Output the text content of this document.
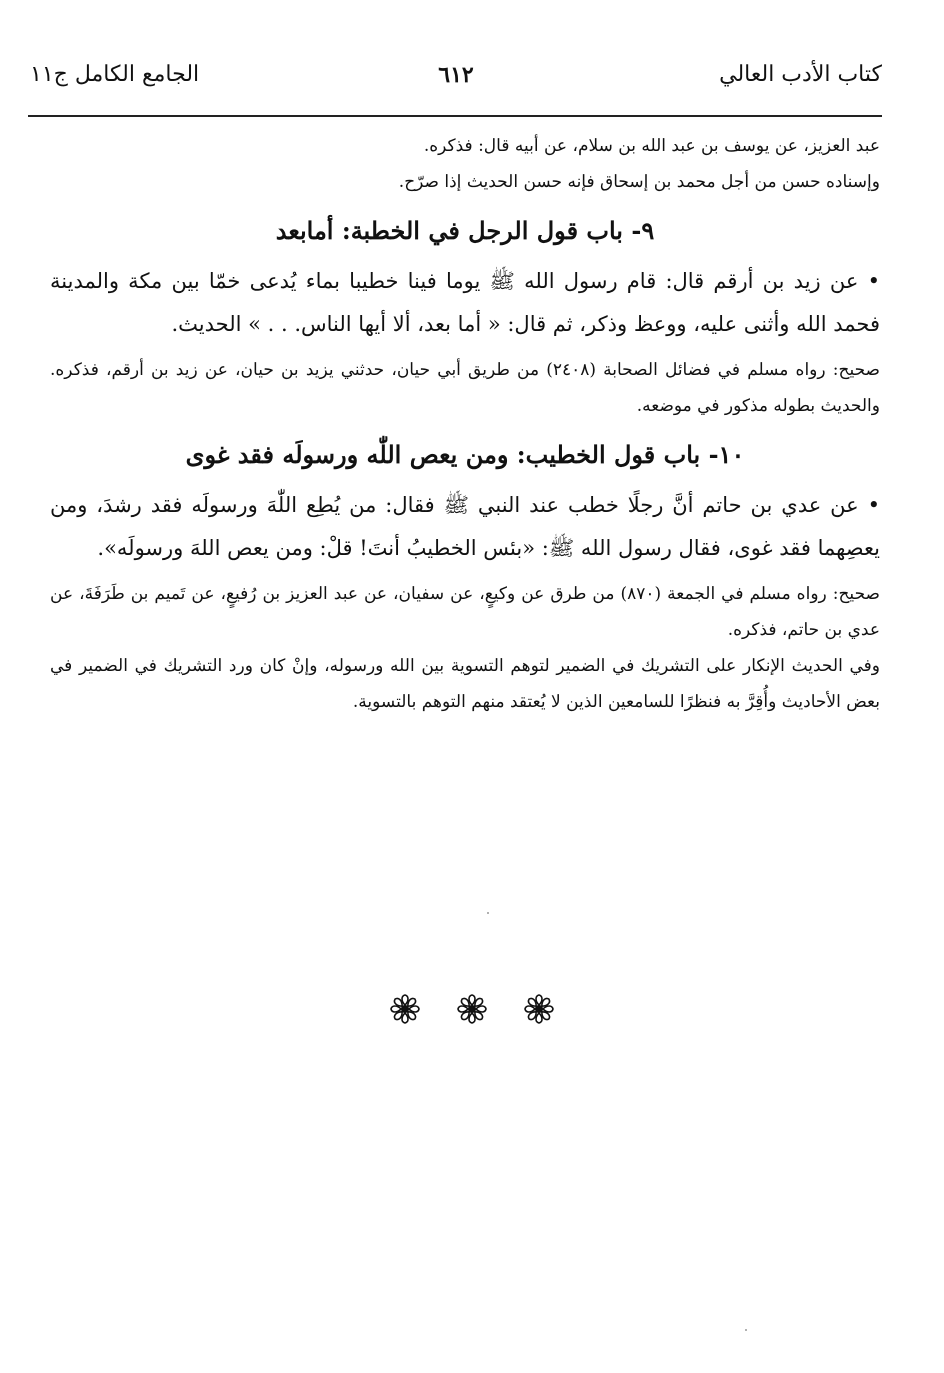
كتاب الأدب العالي
٦١٢
الجامع الكامل ج١١

عبد العزيز، عن يوسف بن عبد الله بن سلام، عن أبيه قال: فذكره.

وإسناده حسن من أجل محمد بن إسحاق فإنه حسن الحديث إذا صرّح.

٩- باب قول الرجل في الخطبة: أمابعد

• عن زيد بن أرقم قال: قام رسول الله ﷺ يوما فينا خطيبا بماء يُدعى خمّا بين مكة والمدينة فحمد الله وأثنى عليه، ووعظ وذكر، ثم قال: « أما بعد، ألا أيها الناس. . . » الحديث.

صحيح: رواه مسلم في فضائل الصحابة (٢٤٠٨) من طريق أبي حيان، حدثني يزيد بن حيان، عن زيد بن أرقم، فذكره. والحديث بطوله مذكور في موضعه.

١٠- باب قول الخطيب: ومن يعص اللّٰه ورسولَه فقد غوى

• عن عدي بن حاتم أنَّ رجلًا خطب عند النبي ﷺ فقال: من يُطِع اللّٰهَ ورسولَه فقد رشدَ، ومن يعصِهما فقد غوى، فقال رسول الله ﷺ: «بئس الخطيبُ أنتَ! قلْ: ومن يعص اللهَ ورسولَه».

صحيح: رواه مسلم في الجمعة (٨٧٠) من طرق عن وكيعٍ، عن سفيان، عن عبد العزيز بن رُفيعٍ، عن تَميم بن طَرَفَةَ، عن عدي بن حاتم، فذكره.

وفي الحديث الإنكار على التشريك في الضمير لتوهم التسوية بين الله ورسوله، وإنْ كان ورد التشريك في الضمير في بعض الأحاديث وأُقِرَّ به فنظرًا للسامعين الذين لا يُعتقد منهم التوهم بالتسوية.
